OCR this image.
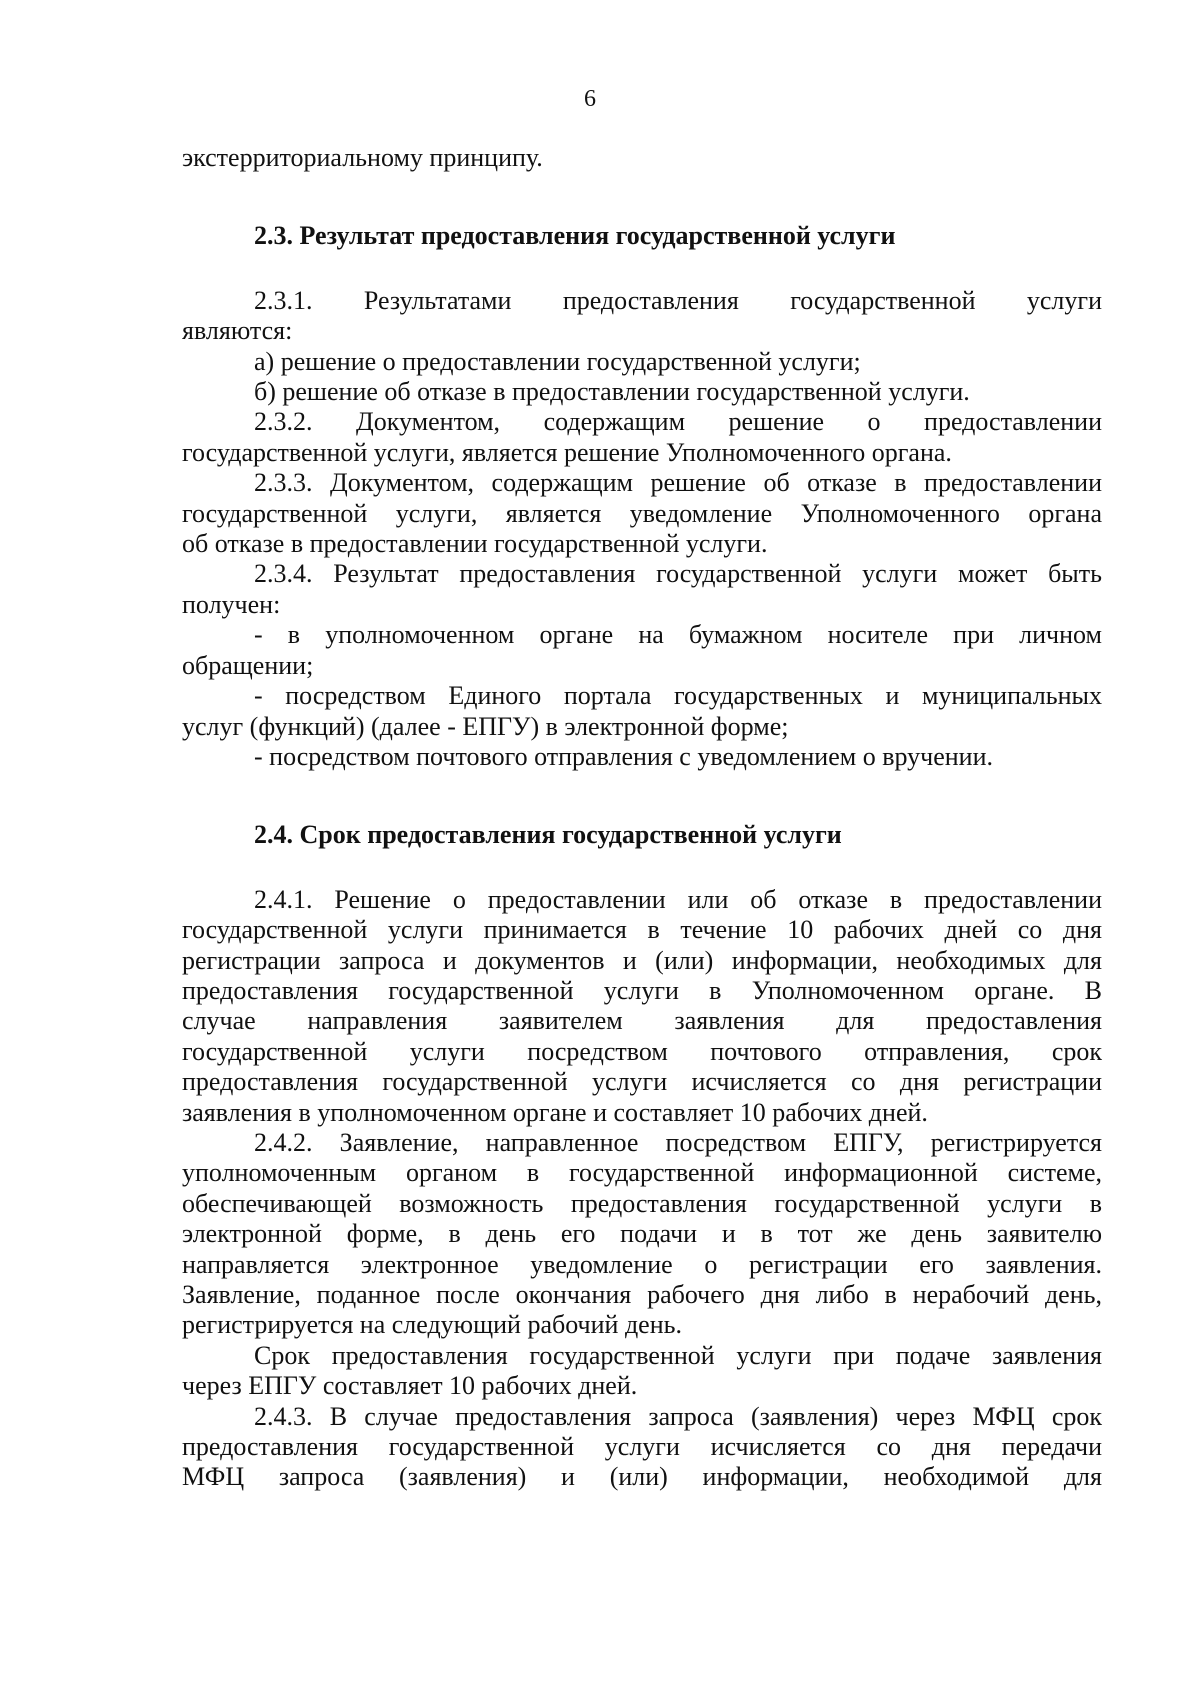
6
экстерриториальному принципу.
2.3. Результат предоставления государственной услуги
2.3.1. Результатами предоставления государственной услуги
являются:
а) решение о предоставлении государственной услуги;
б) решение об отказе в предоставлении государственной услуги.
2.3.2. Документом, содержащим решение о предоставлении
государственной услуги, является решение Уполномоченного органа.
2.3.3. Документом, содержащим решение об отказе в предоставлении
государственной услуги, является уведомление Уполномоченного органа
об отказе в предоставлении государственной услуги.
2.3.4. Результат предоставления государственной услуги может быть
получен:
- в уполномоченном органе на бумажном носителе при личном
обращении;
- посредством Единого портала государственных и муниципальных
услуг (функций) (далее - ЕПГУ) в электронной форме;
- посредством почтового отправления с уведомлением о вручении.
2.4. Срок предоставления государственной услуги
2.4.1. Решение о предоставлении или об отказе в предоставлении
государственной услуги принимается в течение 10 рабочих дней со дня
регистрации запроса и документов и (или) информации, необходимых для
предоставления государственной услуги в Уполномоченном органе. В
случае направления заявителем заявления для предоставления
государственной услуги посредством почтового отправления, срок
предоставления государственной услуги исчисляется со дня регистрации
заявления в уполномоченном органе и составляет 10 рабочих дней.
2.4.2. Заявление, направленное посредством ЕПГУ, регистрируется
уполномоченным органом в государственной информационной системе,
обеспечивающей возможность предоставления государственной услуги в
электронной форме, в день его подачи и в тот же день заявителю
направляется электронное уведомление о регистрации его заявления.
Заявление, поданное после окончания рабочего дня либо в нерабочий день,
регистрируется на следующий рабочий день.
Срок предоставления государственной услуги при подаче заявления
через ЕПГУ составляет 10 рабочих дней.
2.4.3. В случае предоставления запроса (заявления) через МФЦ срок
предоставления государственной услуги исчисляется со дня передачи
МФЦ запроса (заявления) и (или) информации, необходимой для
